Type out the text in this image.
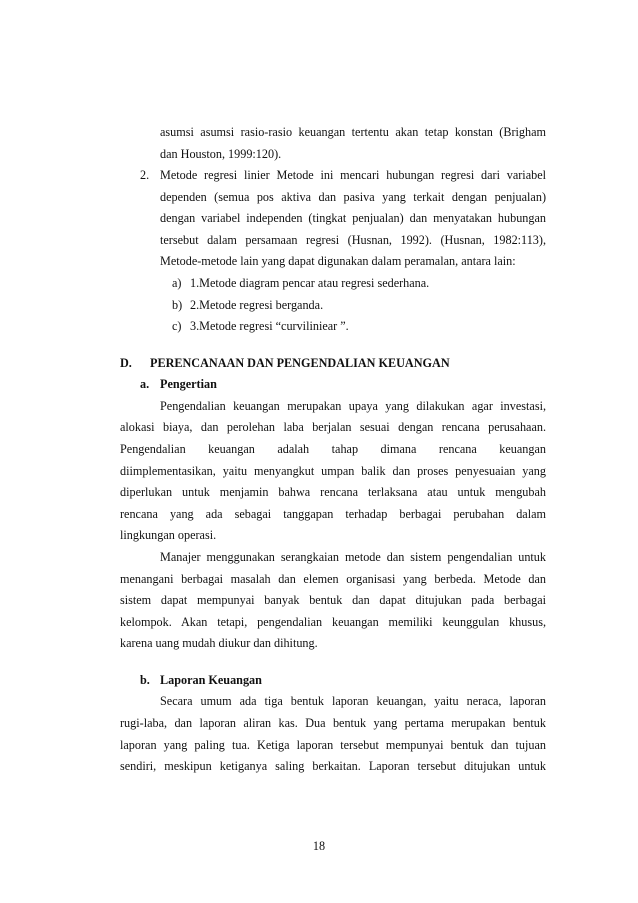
asumsi asumsi rasio-rasio keuangan tertentu akan tetap konstan (Brigham
dan Houston, 1999:120).
2. Metode regresi linier Metode ini mencari hubungan regresi dari variabel
dependen (semua pos aktiva dan pasiva yang terkait dengan penjualan)
dengan variabel independen (tingkat penjualan) dan menyatakan hubungan
tersebut dalam persamaan regresi (Husnan, 1992). (Husnan, 1982:113),
Metode-metode lain yang dapat digunakan dalam peramalan, antara lain:
a) 1.Metode diagram pencar atau regresi sederhana.
b) 2.Metode regresi berganda.
c) 3.Metode regresi “curviliniear ”.
D. PERENCANAAN DAN PENGENDALIAN KEUANGAN
a. Pengertian
Pengendalian keuangan merupakan upaya yang dilakukan agar investasi,
alokasi biaya, dan perolehan laba berjalan sesuai dengan rencana perusahaan.
Pengendalian keuangan adalah tahap dimana rencana keuangan
diimplementasikan, yaitu menyangkut umpan balik dan proses penyesuaian yang
diperlukan untuk menjamin bahwa rencana terlaksana atau untuk mengubah
rencana yang ada sebagai tanggapan terhadap berbagai perubahan dalam
lingkungan operasi.
Manajer menggunakan serangkaian metode dan sistem pengendalian untuk
menangani berbagai masalah dan elemen organisasi yang berbeda. Metode dan
sistem dapat mempunyai banyak bentuk dan dapat ditujukan pada berbagai
kelompok. Akan tetapi, pengendalian keuangan memiliki keunggulan khusus,
karena uang mudah diukur dan dihitung.
b. Laporan Keuangan
Secara umum ada tiga bentuk laporan keuangan, yaitu neraca, laporan
rugi-laba, dan laporan aliran kas. Dua bentuk yang pertama merupakan bentuk
laporan yang paling tua. Ketiga laporan tersebut mempunyai bentuk dan tujuan
sendiri, meskipun ketiganya saling berkaitan. Laporan tersebut ditujukan untuk
18
